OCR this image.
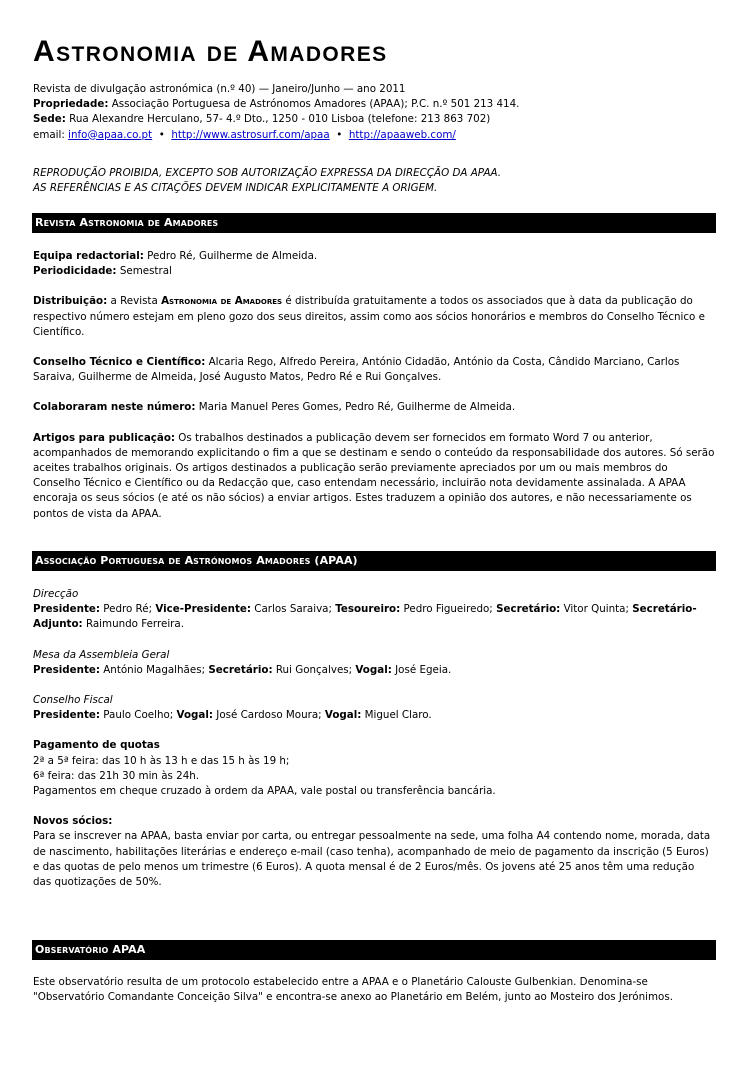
Astronomia de Amadores

Revista de divulgação astronómica (n.º 40) — Janeiro/Junho — ano 2011

Propriedade: Associação Portuguesa de Astrónomos Amadores (APAA); P.C. n.º 501 213 414.

Sede: Rua Alexandre Herculano, 57- 4.º Dto., 1250 - 010 Lisboa (telefone: 213 863 702)

email: info@apaa.co.pt • http://www.astrosurf.com/apaa • http://apaaweb.com/

REPRODUÇÃO PROIBIDA, EXCEPTO SOB AUTORIZAÇÃO EXPRESSA DA DIRECÇÃO DA APAA.

AS REFERÊNCIAS E AS CITAÇÕES DEVEM INDICAR EXPLICITAMENTE A ORIGEM.

Revista Astronomia de Amadores

Equipa redactorial: Pedro Ré, Guilherme de Almeida.

Periodicidade: Semestral

Distribuição: a Revista Astronomia de Amadores é distribuída gratuitamente a todos os associados que à data da publicação do respectivo número estejam em pleno gozo dos seus direitos, assim como aos sócios honorários e membros do Conselho Técnico e Científico.

Conselho Técnico e Científico: Alcaria Rego, Alfredo Pereira, António Cidadão, António da Costa, Cândido Marciano, Carlos Saraiva, Guilherme de Almeida, José Augusto Matos, Pedro Ré e Rui Gonçalves.

Colaboraram neste número: Maria Manuel Peres Gomes, Pedro Ré, Guilherme de Almeida.

Artigos para publicação: Os trabalhos destinados a publicação devem ser fornecidos em formato Word 7 ou anterior, acompanhados de memorando explicitando o fim a que se destinam e sendo o conteúdo da responsabilidade dos autores. Só serão aceites trabalhos originais. Os artigos destinados a publicação serão previamente apreciados por um ou mais membros do Conselho Técnico e Científico ou da Redacção que, caso entendam necessário, incluirão nota devidamente assinalada. A APAA encoraja os seus sócios (e até os não sócios) a enviar artigos. Estes traduzem a opinião dos autores, e não necessariamente os pontos de vista da APAA.

Associação Portuguesa de Astrónomos Amadores (APAA)

Direcção

Presidente: Pedro Ré; Vice-Presidente: Carlos Saraiva; Tesoureiro: Pedro Figueiredo; Secretário: Vitor Quinta; Secretário-Adjunto: Raimundo Ferreira.

Mesa da Assembleia Geral

Presidente: António Magalhães; Secretário: Rui Gonçalves; Vogal: José Egeia.

Conselho Fiscal

Presidente: Paulo Coelho; Vogal: José Cardoso Moura; Vogal: Miguel Claro.

Pagamento de quotas

2ª a 5ª feira: das 10 h às 13 h e das 15 h às 19 h;

6ª feira: das 21h 30 min às 24h.

Pagamentos em cheque cruzado à ordem da APAA, vale postal ou transferência bancária.

Novos sócios:

Para se inscrever na APAA, basta enviar por carta, ou entregar pessoalmente na sede, uma folha A4 contendo nome, morada, data de nascimento, habilitações literárias e endereço e-mail (caso tenha), acompanhado de meio de pagamento da inscrição (5 Euros) e das quotas de pelo menos um trimestre (6 Euros). A quota mensal é de 2 Euros/mês. Os jovens até 25 anos têm uma redução das quotizações de 50%.

Observatório APAA

Este observatório resulta de um protocolo estabelecido entre a APAA e o Planetário Calouste Gulbenkian. Denomina-se "Observatório Comandante Conceição Silva" e encontra-se anexo ao Planetário em Belém, junto ao Mosteiro dos Jerónimos.
